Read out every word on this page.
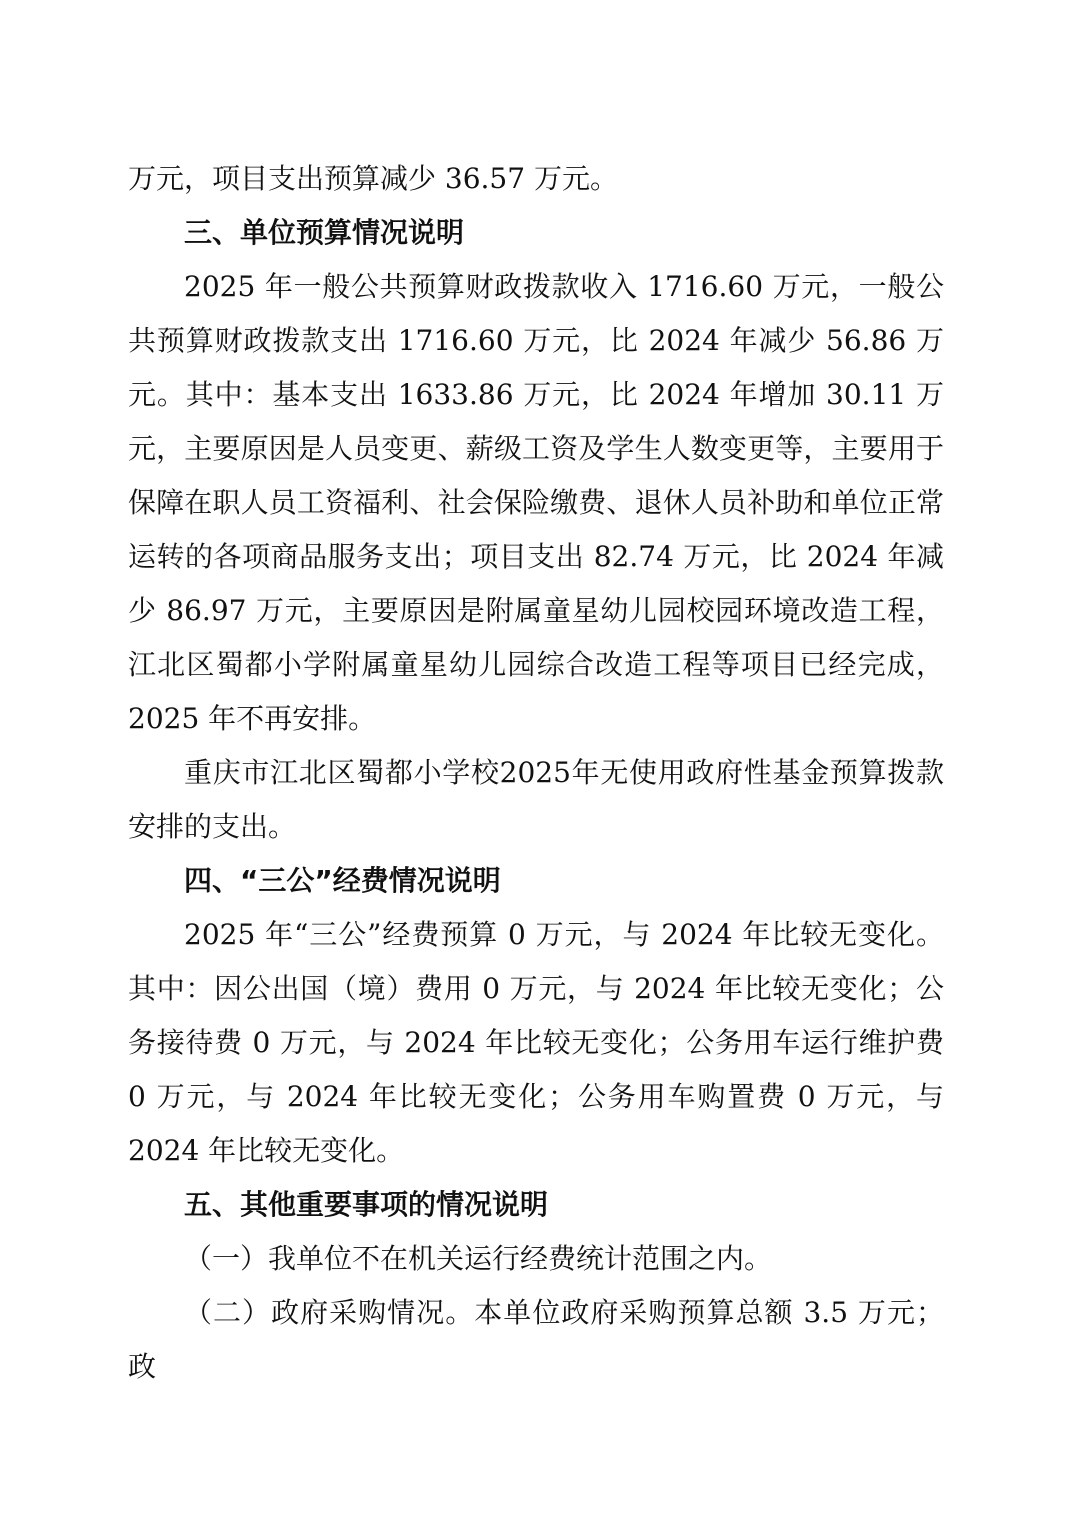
万元，项目支出预算减少 36.57 万元。

三、单位预算情况说明

2025 年一般公共预算财政拨款收入 1716.60 万元，一般公共预算财政拨款支出 1716.60 万元，比 2024 年减少 56.86 万元。其中：基本支出 1633.86 万元，比 2024 年增加 30.11 万元，主要原因是人员变更、薪级工资及学生人数变更等，主要用于保障在职人员工资福利、社会保险缴费、退休人员补助和单位正常运转的各项商品服务支出；项目支出 82.74 万元，比 2024 年减少 86.97 万元，主要原因是附属童星幼儿园校园环境改造工程，江北区蜀都小学附属童星幼儿园综合改造工程等项目已经完成，2025 年不再安排。

重庆市江北区蜀都小学校2025年无使用政府性基金预算拨款安排的支出。

四、“三公”经费情况说明

2025 年“三公”经费预算 0 万元，与 2024 年比较无变化。其中：因公出国（境）费用 0 万元，与 2024 年比较无变化；公务接待费 0 万元，与 2024 年比较无变化；公务用车运行维护费 0 万元，与 2024 年比较无变化；公务用车购置费 0 万元，与 2024 年比较无变化。

五、其他重要事项的情况说明

（一）我单位不在机关运行经费统计范围之内。

（二）政府采购情况。本单位政府采购预算总额 3.5 万元；政
